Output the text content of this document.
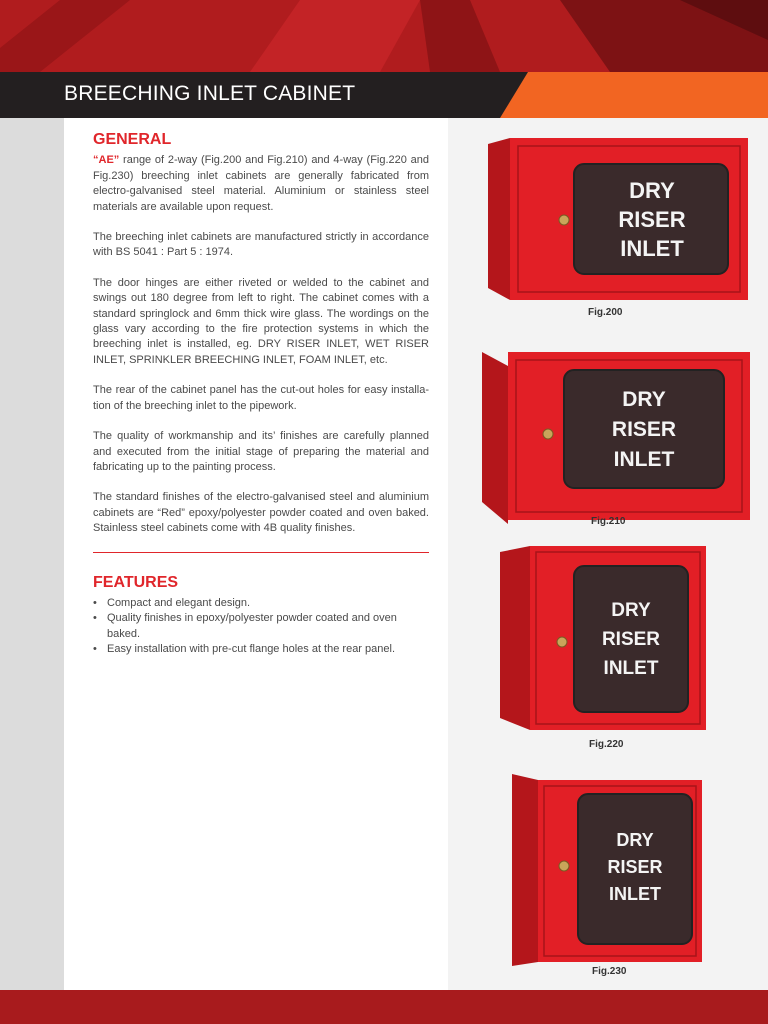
BREECHING INLET CABINET
GENERAL

“AE” range of 2-way (Fig.200 and Fig.210) and 4-way (Fig.220 and Fig.230) breeching inlet cabinets are generally fabricated from electro-galvanised steel material. Aluminium or stainless steel materials are available upon request.

The breeching inlet cabinets are manufactured strictly in accordance with BS 5041 : Part 5 : 1974.

The door hinges are either riveted or welded to the cabinet and swings out 180 degree from left to right. The cabinet comes with a standard springlock and 6mm thick wire glass. The wordings on the glass vary according to the fire protection systems in which the breeching inlet is installed, eg. DRY RISER INLET, WET RISER INLET, SPRINKLER BREECHING INLET, FOAM INLET, etc.

The rear of the cabinet panel has the cut-out holes for easy installa-tion of the breeching inlet to the pipework.

The quality of workmanship and its’ finishes are carefully planned and executed from the initial stage of preparing the material and fabricating up to the painting process.

The standard finishes of the electro-galvanised steel and aluminium cabinets are “Red” epoxy/polyester powder coated and oven baked. Stainless steel cabinets come with 4B quality finishes.

FEATURES
• Compact and elegant design.
• Quality finishes in epoxy/polyester powder coated and oven baked.
• Easy installation with pre-cut flange holes at the rear panel.
DRY
RISER
INLET
Fig.200
DRY
RISER
INLET
Fig.210
DRY
RISER
INLET
Fig.220
DRY
RISER
INLET
Fig.230
